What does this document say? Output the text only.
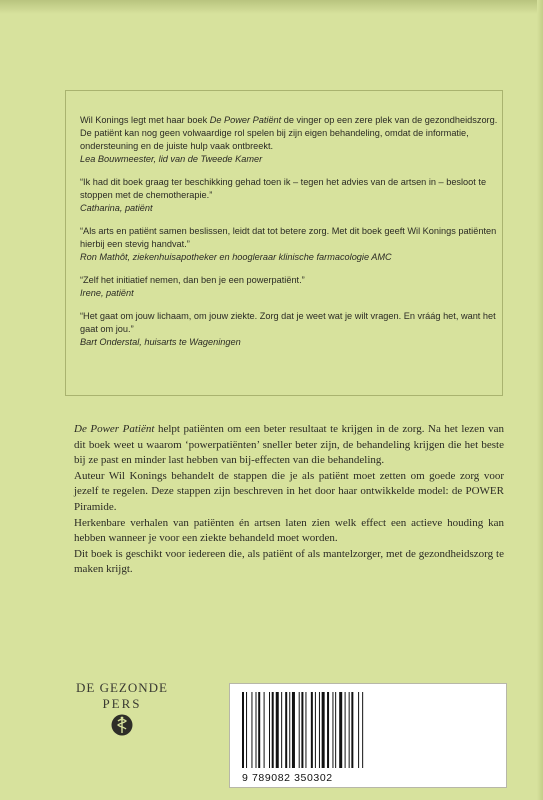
Wil Konings legt met haar boek De Power Patiënt de vinger op een zere plek van de gezondheidszorg. De patiënt kan nog geen volwaardige rol spelen bij zijn eigen behandeling, omdat de informatie, ondersteuning en de juiste hulp vaak ontbreekt.

Lea Bouwmeester, lid van de Tweede Kamer

“Ik had dit boek graag ter beschikking gehad toen ik – tegen het advies van de artsen in – besloot te stoppen met de chemotherapie.”

Catharina, patiënt

“Als arts en patiënt samen beslissen, leidt dat tot betere zorg. Met dit boek geeft Wil Konings patiënten hierbij een stevig handvat.”

Ron Mathôt, ziekenhuisapotheker en hoogleraar klinische farmacologie AMC

“Zelf het initiatief nemen, dan ben je een powerpatiënt.”

Irene, patiënt

“Het gaat om jouw lichaam, om jouw ziekte. Zorg dat je weet wat je wilt vragen. En vráág het, want het gaat om jou.”

Bart Onderstal, huisarts te Wageningen

De Power Patiënt helpt patiënten om een beter resultaat te krijgen in de zorg. Na het lezen van dit boek weet u waarom ‘powerpatiënten’ sneller beter zijn, de behandeling krijgen die het beste bij ze past en minder last hebben van bij-effecten van die behandeling.

Auteur Wil Konings behandelt de stappen die je als patiënt moet zetten om goede zorg voor jezelf te regelen. Deze stappen zijn beschreven in het door haar ontwikkelde model: de POWER Piramide.

Herkenbare verhalen van patiënten én artsen laten zien welk effect een actieve houding kan hebben wanneer je voor een ziekte behandeld moet worden.

Dit boek is geschikt voor iedereen die, als patiënt of als mantelzorger, met de gezondheidszorg te maken krijgt.

DE GEZONDE
PERS
9 789082 350302
